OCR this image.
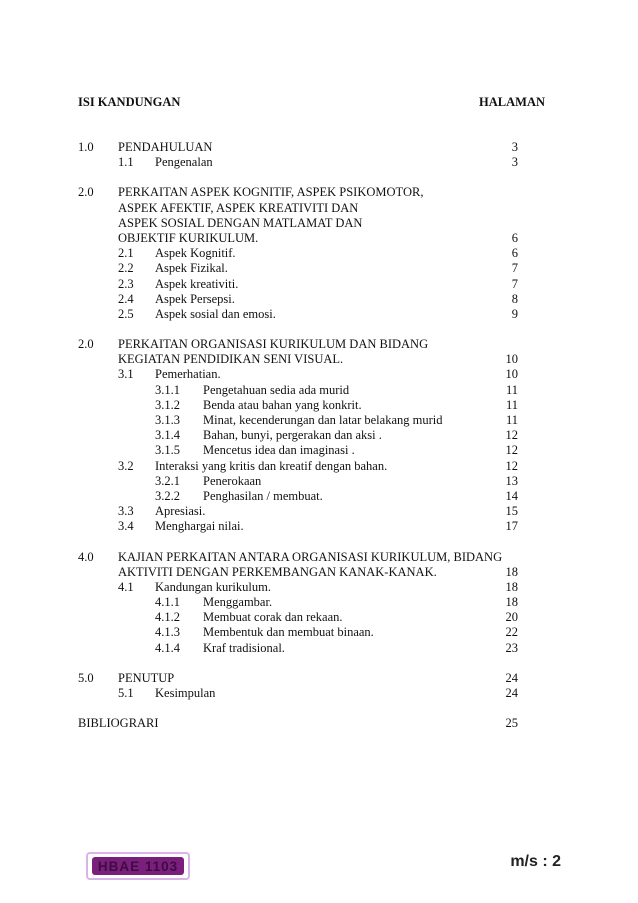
ISI KANDUNGAN	HALAMAN
1.0 PENDAHULUAN	3
1.1 Pengenalan	3
2.0 PERKAITAN ASPEK KOGNITIF, ASPEK PSIKOMOTOR,
ASPEK AFEKTIF, ASPEK KREATIVITI DAN
ASPEK SOSIAL DENGAN MATLAMAT DAN
OBJEKTIF KURIKULUM.	6
2.1 Aspek Kognitif.	6
2.2 Aspek Fizikal.	7
2.3 Aspek kreativiti.	7
2.4 Aspek Persepsi.	8
2.5 Aspek sosial dan emosi.	9
2.0 PERKAITAN ORGANISASI KURIKULUM DAN BIDANG
KEGIATAN PENDIDIKAN SENI VISUAL.	10
3.1 Pemerhatian.	10
3.1.1 Pengetahuan sedia ada murid	11
3.1.2 Benda atau bahan yang konkrit.	11
3.1.3 Minat, kecenderungan dan latar belakang murid	11
3.1.4 Bahan, bunyi, pergerakan dan aksi .	12
3.1.5 Mencetus idea dan imaginasi .	12
3.2 Interaksi yang kritis dan kreatif dengan bahan.	12
3.2.1 Penerokaan	13
3.2.2 Penghasilan / membuat.	14
3.3 Apresiasi.	15
3.4 Menghargai nilai.	17
4.0 KAJIAN PERKAITAN ANTARA ORGANISASI KURIKULUM, BIDANG
AKTIVITI DENGAN PERKEMBANGAN KANAK-KANAK.	18
4.1 Kandungan kurikulum.	18
4.1.1 Menggambar.	18
4.1.2 Membuat corak dan rekaan.	20
4.1.3 Membentuk dan membuat binaan.	22
4.1.4 Kraf tradisional.	23
5.0 PENUTUP	24
5.1 Kesimpulan	24
BIBLIOGRARI	25
HBAE 1103	m/s : 2
